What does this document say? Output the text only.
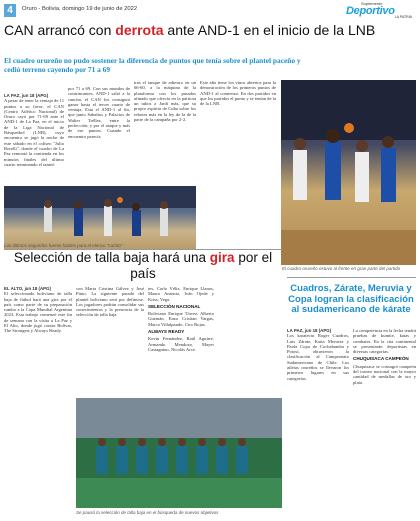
4	Oruro - Bolivia, domingo 19 de junio de 2022
Suplemento
Deportivo LA PATRIA
CAN arrancó con derrota ante AND-1 en el inicio de la LNB
El cuadro orureño no pudo sostener la diferencia de puntos que tenía sobre el plantel paceño y cedió terreno cayendo por 71 a 69
LA PAZ, jun 18 (APG)

A pesar de tener la ventaja de 11 puntos a su favor, el CAN (Centro Atlético Nacional) de Oruro cayó por 71-69 ante el AND-1 de La Paz, en el inicio de la Liga Nacional de Básquetbol (LNB), cuyo encuentro se jugó la noche de este sábado en el coliseo "Julio Borelli", donde el cuadro de La Paz remontó la contienda en los minutos finales del último cuarto terminando el tanteó

por 71 a 69. Con sus mundos de contrincantes, AND-1 salió a la cancha, el CAN los consiguió ganar hasta el tercer cuarto de ventaja, Esta el AND-1 al fin, que junto Sabaltos y Palacios de Walter Tréllez, entre la perfección, y por el ataque y más de ese puntos. Cuando el encuentro parecía

tras el tanque de adiestro en un 66-60, a la máquina de la plataforma con los pasados afinado que ofrecía en la patriota un tubos a Jardi más, que su propio espíritu de Cuba sobre los rebotes más en la ley de la de la parte de la campaña por 2-2.

Este año tiene los vinos abiertos para la demostración de los primeros puntos de AND-1 al comienzo. En dos partidos en que los partidos el punto y se tenían de la de la LNB.

Los últimos segundos fueron fatales para el elenco "carrito"
El cuadro orureño estuvo al frente en gran parte del partido
Selección de talla baja hará una gira por el país
EL ALTO, jun 18 (APG)

El seleccionado boliviano de talla baja de fútbol hará una gira por el país como parte de su preparación rumbo a la Copa Mundial Argentina 2023. Esta trabajo comenzó este fin de semana con la visita a La Paz y El Alto, donde jugó contra Bolívar, The Strongest y Always Ready.

con Marta Cristina Gálvez y José Pinto. La siguiente parada del plantel boliviano será por definirse. Los jugadores podrán consolidar sus conocimientos y la presencia de la selección de talla baja.

tes, Carlo Véliz, Enrique Llanos, Mauro Antonio, Iván Ojeda y Kriss, Vega.

SELECCIÓN NACIONAL

Boliviano Enrique Tórrez, Alberto Guzmán, Enzo Cristian Vargas, Marco Villalpando, Ciro Rojas.

ALWAYS READY

Kevin Fernández, Raúl Aguirre, Armando Mendoza, Mayer Castagnino, Nicolás Arce.

Se pausó la selección de talla baja en el búsqueda de nuevos objetivos
Cuadros, Zárate, Meruvia y Copa logran la clasificación al sudamericano de kárate
LA PAZ, jun 18 (APG)

Los karatecas Roger Cuadros, Luis Zárate, Katia Meruvia y Paola Copa de Cochabamba y Potosí, obtuvieron la clasificación al Campeonato Sudamericano de Chile. Los atletas orureños se llevaron los primeros lugares en sus categorías.

La competencia en la fecha tendrá pruebas de kumite, katas y combates. En la cita continental se presentarán deportistas en diversas categorías.

CHUQUISACA CAMPEÓN

Chuquisaca se consagró campeón del torneo nacional con la mayor cantidad de medallas de oro y plata.
